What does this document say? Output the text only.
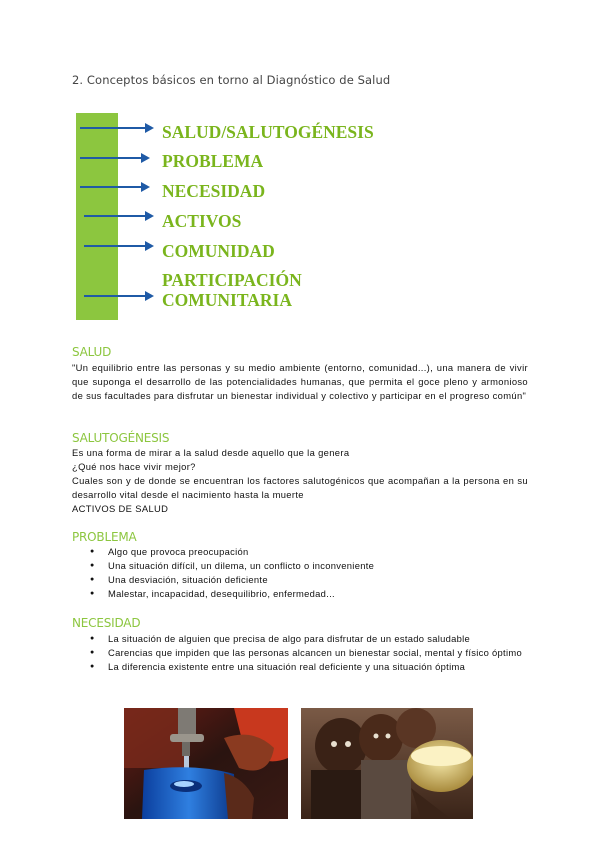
2. Conceptos básicos en torno al Diagnóstico de Salud
SALUD/SALUTOGÉNESIS
PROBLEMA
NECESIDAD
ACTIVOS
COMUNIDAD
PARTICIPACIÓN
COMUNITARIA
SALUD
"Un equilibrio entre las personas y su medio ambiente (entorno, comunidad...), una manera de vivir que suponga el desarrollo de las potencialidades humanas, que permita el goce pleno y armonioso de sus facultades para disfrutar un bienestar individual y colectivo y participar en el progreso común"
SALUTOGÉNESIS
Es una forma de mirar a la salud desde aquello que la genera
¿Qué nos hace vivir mejor?
Cuales son y de donde se encuentran los factores salutogénicos que acompañan a la persona en su desarrollo vital desde el nacimiento hasta la muerte
ACTIVOS DE SALUD
PROBLEMA
● Algo que provoca preocupación
● Una situación difícil, un dilema, un conflicto o inconveniente
● Una desviación, situación deficiente
● Malestar, incapacidad, desequilibrio, enfermedad...
NECESIDAD
● La situación de alguien que precisa de algo para disfrutar de un estado saludable
● Carencias que impiden que las personas alcancen un bienestar social, mental y físico óptimo
● La diferencia existente entre una situación real deficiente y una situación óptima
